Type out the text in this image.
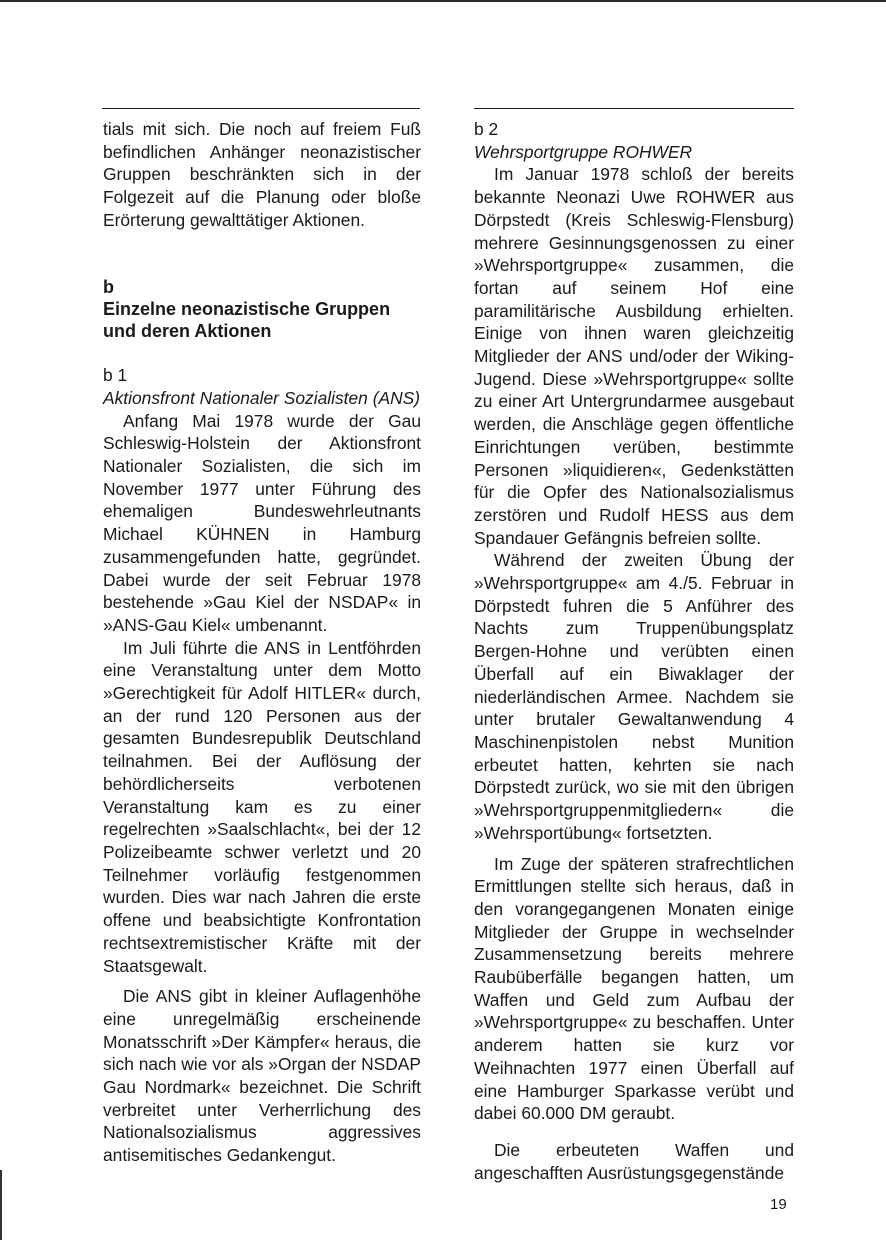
tials mit sich. Die noch auf freiem Fuß befindlichen Anhänger neonazistischer Gruppen beschränkten sich in der Folgezeit auf die Planung oder bloße Erörterung gewalttätiger Aktionen.

b

Einzelne neonazistische Gruppen und deren Aktionen

b 1

Aktionsfront Nationaler Sozialisten (ANS)

Anfang Mai 1978 wurde der Gau Schleswig-Holstein der Aktionsfront Nationaler Sozialisten, die sich im November 1977 unter Führung des ehemaligen Bundeswehrleutnants Michael KÜHNEN in Hamburg zusammengefunden hatte, gegründet. Dabei wurde der seit Februar 1978 bestehende »Gau Kiel der NSDAP« in »ANS-Gau Kiel« umbenannt.

Im Juli führte die ANS in Lentföhrden eine Veranstaltung unter dem Motto »Gerechtigkeit für Adolf HITLER« durch, an der rund 120 Personen aus der gesamten Bundesrepublik Deutschland teilnahmen. Bei der Auflösung der behördlicherseits verbotenen Veranstaltung kam es zu einer regelrechten »Saalschlacht«, bei der 12 Polizeibeamte schwer verletzt und 20 Teilnehmer vorläufig festgenommen wurden. Dies war nach Jahren die erste offene und beabsichtigte Konfrontation rechtsextremistischer Kräfte mit der Staatsgewalt.

Die ANS gibt in kleiner Auflagenhöhe eine unregelmäßig erscheinende Monatsschrift »Der Kämpfer« heraus, die sich nach wie vor als »Organ der NSDAP Gau Nordmark« bezeichnet. Die Schrift verbreitet unter Verherrlichung des Nationalsozialismus aggressives antisemitisches Gedankengut.

b 2

Wehrsportgruppe ROHWER

Im Januar 1978 schloß der bereits bekannte Neonazi Uwe ROHWER aus Dörpstedt (Kreis Schleswig-Flensburg) mehrere Gesinnungsgenossen zu einer »Wehrsportgruppe« zusammen, die fortan auf seinem Hof eine paramilitärische Ausbildung erhielten. Einige von ihnen waren gleichzeitig Mitglieder der ANS und/oder der Wiking-Jugend. Diese »Wehrsportgruppe« sollte zu einer Art Untergrundarmee ausgebaut werden, die Anschläge gegen öffentliche Einrichtungen verüben, bestimmte Personen »liquidieren«, Gedenkstätten für die Opfer des Nationalsozialismus zerstören und Rudolf HESS aus dem Spandauer Gefängnis befreien sollte.

Während der zweiten Übung der »Wehrsportgruppe« am 4./5. Februar in Dörpstedt fuhren die 5 Anführer des Nachts zum Truppenübungsplatz Bergen-Hohne und verübten einen Überfall auf ein Biwaklager der niederländischen Armee. Nachdem sie unter brutaler Gewaltanwendung 4 Maschinenpistolen nebst Munition erbeutet hatten, kehrten sie nach Dörpstedt zurück, wo sie mit den übrigen »Wehrsportgruppenmitgliedern« die »Wehrsportübung« fortsetzten.

Im Zuge der späteren strafrechtlichen Ermittlungen stellte sich heraus, daß in den vorangegangenen Monaten einige Mitglieder der Gruppe in wechselnder Zusammensetzung bereits mehrere Raubüberfälle begangen hatten, um Waffen und Geld zum Aufbau der »Wehrsportgruppe« zu beschaffen. Unter anderem hatten sie kurz vor Weihnachten 1977 einen Überfall auf eine Hamburger Sparkasse verübt und dabei 60.000 DM geraubt.

Die erbeuteten Waffen und angeschafften Ausrüstungsgegenstände

19
